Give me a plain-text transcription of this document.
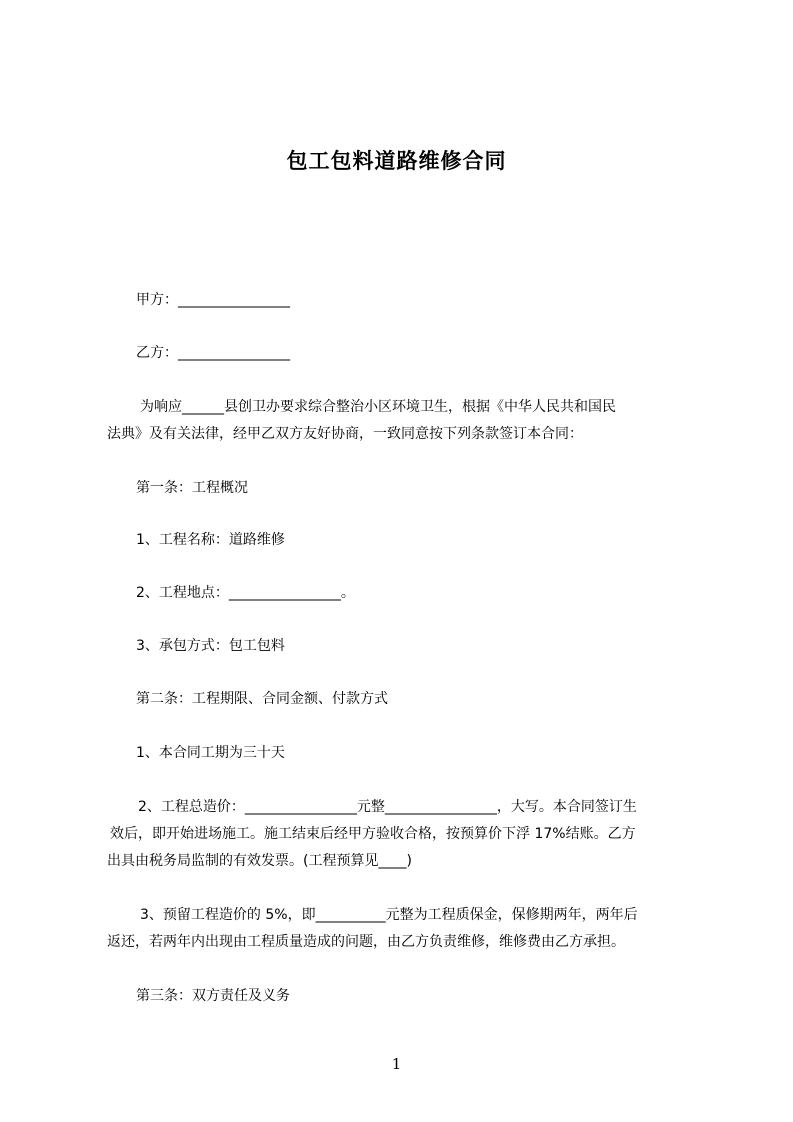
包工包料道路维修合同
甲方：________________
乙方：________________
为响应______县创卫办要求综合整治小区环境卫生，根据《中华人民共和国民
法典》及有关法律，经甲乙双方友好协商，一致同意按下列条款签订本合同：
第一条：工程概况
1、工程名称：道路维修
2、工程地点：________________。
3、承包方式：包工包料
第二条：工程期限、合同金额、付款方式
1、本合同工期为三十天
2、工程总造价：________________元整________________，大写。本合同签订生
效后，即开始进场施工。施工结束后经甲方验收合格，按预算价下浮 17%结账。乙方
出具由税务局监制的有效发票。(工程预算见____)
3、预留工程造价的 5%，即__________元整为工程质保金，保修期两年，两年后
返还，若两年内出现由工程质量造成的问题，由乙方负责维修，维修费由乙方承担。
第三条：双方责任及义务
1
